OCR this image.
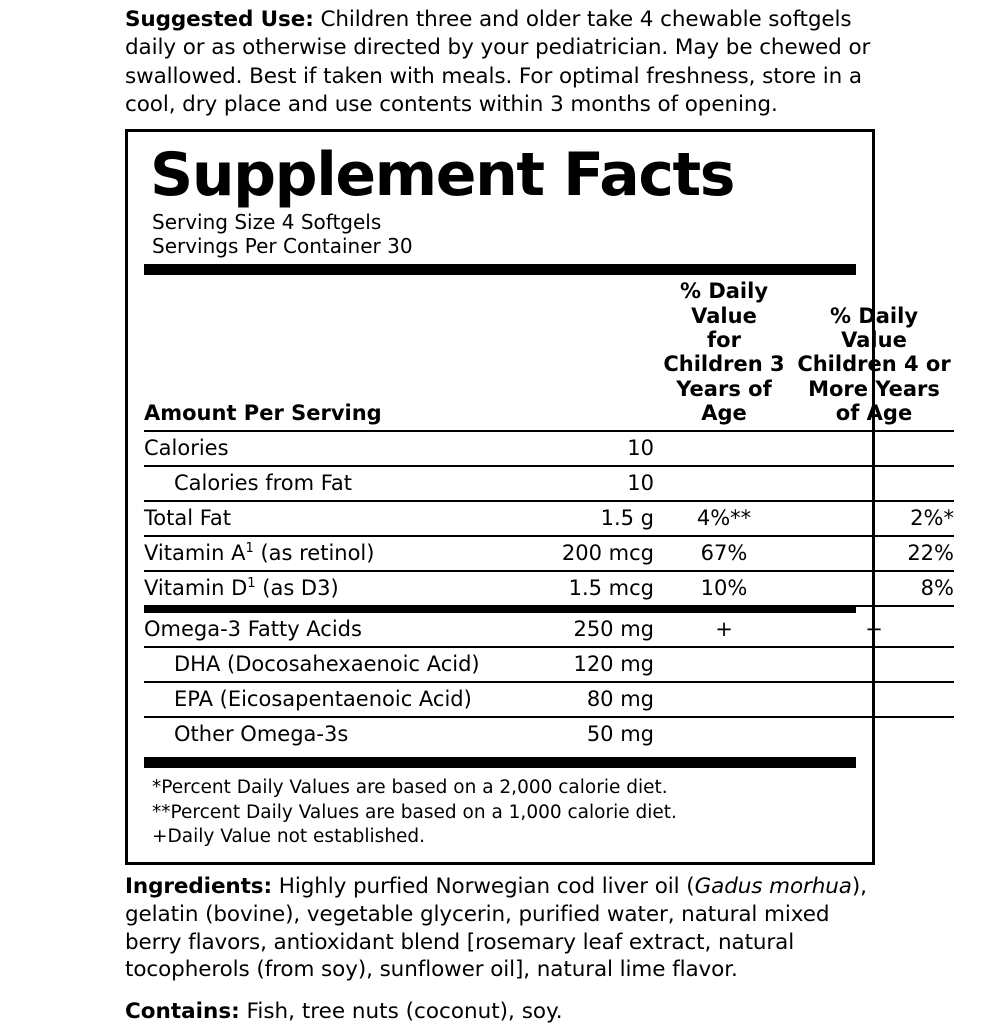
Suggested Use: Children three and older take 4 chewable softgels daily or as otherwise directed by your pediatrician. May be chewed or swallowed. Best if taken with meals. For optimal freshness, store in a cool, dry place and use contents within 3 months of opening.
Supplement Facts
Serving Size 4 Softgels
Servings Per Container 30
Amount Per Serving		% Daily Value
for Children 3
Years of Age	% Daily Value
Children 4 or
More Years of Age
Calories	10		
Calories from Fat	10		
Total Fat	1.5 g	4%**	2%*
Vitamin $A^1$ (as retinol)	200 mcg	67%	22%
Vitamin $D^1$ (as D3)	1.5 mcg	10%	8%
Omega-3 Fatty Acids	250 mg	+	+
DHA (Docosahexaenoic Acid)	120 mg		
EPA (Eicosapentaenoic Acid)	80 mg		
Other Omega-3s	50 mg		
*Percent Daily Values are based on a 2,000 calorie diet.
**Percent Daily Values are based on a 1,000 calorie diet.
+Daily Value not established.
Ingredients: Highly purfied Norwegian cod liver oil (Gadus morhua), gelatin (bovine), vegetable glycerin, purified water, natural mixed berry flavors, antioxidant blend [rosemary leaf extract, natural tocopherols (from soy), sunflower oil], natural lime flavor.
Contains: Fish, tree nuts (coconut), soy.
